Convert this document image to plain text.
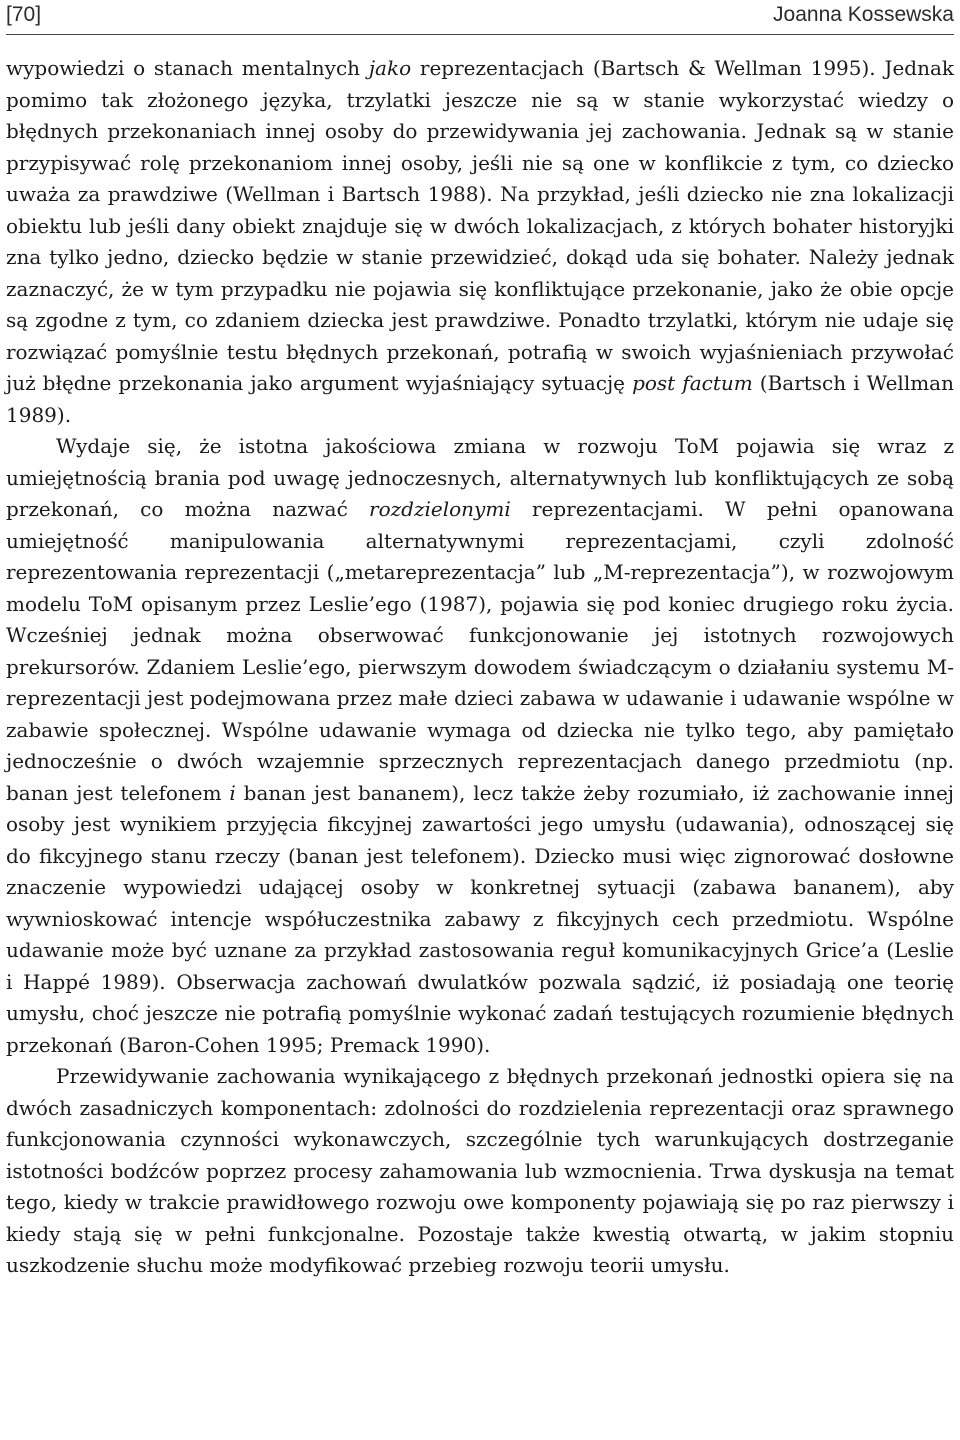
[70]	Joanna Kossewska

wypowiedzi o stanach mentalnych jako reprezentacjach (Bartsch & Wellman 1995). Jednak pomimo tak złożonego języka, trzylatki jeszcze nie są w stanie wykorzystać wiedzy o błędnych przekonaniach innej osoby do przewidywania jej zachowania. Jednak są w stanie przypisywać rolę przekonaniom innej osoby, jeśli nie są one w konflikcie z tym, co dziecko uważa za prawdziwe (Wellman i Bartsch 1988). Na przykład, jeśli dziecko nie zna lokalizacji obiektu lub jeśli dany obiekt znajduje się w dwóch lokalizacjach, z których bohater historyjki zna tylko jedno, dziecko będzie w stanie przewidzieć, dokąd uda się bohater. Należy jednak zaznaczyć, że w tym przypadku nie pojawia się konfliktujące przekonanie, jako że obie opcje są zgodne z tym, co zdaniem dziecka jest prawdziwe. Ponadto trzylatki, którym nie udaje się rozwiązać pomyślnie testu błędnych przekonań, potrafią w swoich wyjaśnieniach przywołać już błędne przekonania jako argument wyjaśniający sytuację post factum (Bartsch i Wellman 1989).

Wydaje się, że istotna jakościowa zmiana w rozwoju ToM pojawia się wraz z umiejętnością brania pod uwagę jednoczesnych, alternatywnych lub konfliktujących ze sobą przekonań, co można nazwać rozdzielonymi reprezentacjami. W pełni opanowana umiejętność manipulowania alternatywnymi reprezentacjami, czyli zdolność reprezentowania reprezentacji („metareprezentacja” lub „M-reprezentacja”), w rozwojowym modelu ToM opisanym przez Leslie’ego (1987), pojawia się pod koniec drugiego roku życia. Wcześniej jednak można obserwować funkcjonowanie jej istotnych rozwojowych prekursorów. Zdaniem Leslie’ego, pierwszym dowodem świadczącym o działaniu systemu M-reprezentacji jest podejmowana przez małe dzieci zabawa w udawanie i udawanie wspólne w zabawie społecznej. Wspólne udawanie wymaga od dziecka nie tylko tego, aby pamiętało jednocześnie o dwóch wzajemnie sprzecznych reprezentacjach danego przedmiotu (np. banan jest telefonem i banan jest bananem), lecz także żeby rozumiało, iż zachowanie innej osoby jest wynikiem przyjęcia fikcyjnej zawartości jego umysłu (udawania), odnoszącej się do fikcyjnego stanu rzeczy (banan jest telefonem). Dziecko musi więc zignorować dosłowne znaczenie wypowiedzi udającej osoby w konkretnej sytuacji (zabawa bananem), aby wywnioskować intencje współuczestnika zabawy z fikcyjnych cech przedmiotu. Wspólne udawanie może być uznane za przykład zastosowania reguł komunikacyjnych Grice’a (Leslie i Happé 1989). Obserwacja zachowań dwulatków pozwala sądzić, iż posiadają one teorię umysłu, choć jeszcze nie potrafią pomyślnie wykonać zadań testujących rozumienie błędnych przekonań (Baron-Cohen 1995; Premack 1990).

Przewidywanie zachowania wynikającego z błędnych przekonań jednostki opiera się na dwóch zasadniczych komponentach: zdolności do rozdzielenia reprezentacji oraz sprawnego funkcjonowania czynności wykonawczych, szczególnie tych warunkujących dostrzeganie istotności bodźców poprzez procesy zahamowania lub wzmocnienia. Trwa dyskusja na temat tego, kiedy w trakcie prawidłowego rozwoju owe komponenty pojawiają się po raz pierwszy i kiedy stają się w pełni funkcjonalne. Pozostaje także kwestią otwartą, w jakim stopniu uszkodzenie słuchu może modyfikować przebieg rozwoju teorii umysłu.
